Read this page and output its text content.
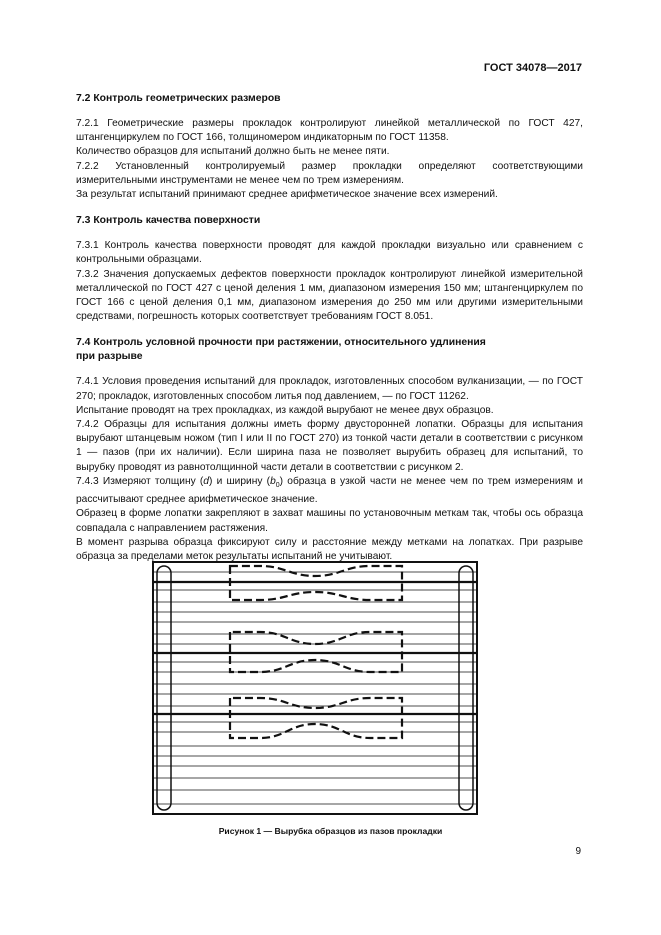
ГОСТ 34078—2017
7.2 Контроль геометрических размеров

7.2.1 Геометрические размеры прокладок контролируют линейкой металлической по ГОСТ 427, штангенциркулем по ГОСТ 166, толщиномером индикаторным по ГОСТ 11358.

Количество образцов для испытаний должно быть не менее пяти.

7.2.2 Установленный контролируемый размер прокладки определяют соответствующими измерительными инструментами не менее чем по трем измерениям.

За результат испытаний принимают среднее арифметическое значение всех измерений.

7.3 Контроль качества поверхности

7.3.1 Контроль качества поверхности проводят для каждой прокладки визуально или сравнением с контрольными образцами.

7.3.2 Значения допускаемых дефектов поверхности прокладок контролируют линейкой измерительной металлической по ГОСТ 427 с ценой деления 1 мм, диапазоном измерения 150 мм; штангенциркулем по ГОСТ 166 с ценой деления 0,1 мм, диапазоном измерения до 250 мм или другими измерительными средствами, погрешность которых соответствует требованиям ГОСТ 8.051.

7.4 Контроль условной прочности при растяжении, относительного удлинения
при разрыве

7.4.1 Условия проведения испытаний для прокладок, изготовленных способом вулканизации, — по ГОСТ 270; прокладок, изготовленных способом литья под давлением, — по ГОСТ 11262.

Испытание проводят на трех прокладках, из каждой вырубают не менее двух образцов.

7.4.2 Образцы для испытания должны иметь форму двусторонней лопатки. Образцы для испытания вырубают штанцевым ножом (тип I или II по ГОСТ 270) из тонкой части детали в соответствии с рисунком 1 — пазов (при их наличии). Если ширина паза не позволяет вырубить образец для испытаний, то вырубку проводят из равнотолщинной части детали в соответствии с рисунком 2.

7.4.3 Измеряют толщину (d) и ширину $(b_0)$ образца в узкой части не менее чем по трем измерениям и рассчитывают среднее арифметическое значение.

Образец в форме лопатки закрепляют в захват машины по установочным меткам так, чтобы ось образца совпадала с направлением растяжения.

В момент разрыва образца фиксируют силу и расстояние между метками на лопатках. При разрыве образца за пределами меток результаты испытаний не учитывают.

Рисунок 1 — Вырубка образцов из пазов прокладки
9
